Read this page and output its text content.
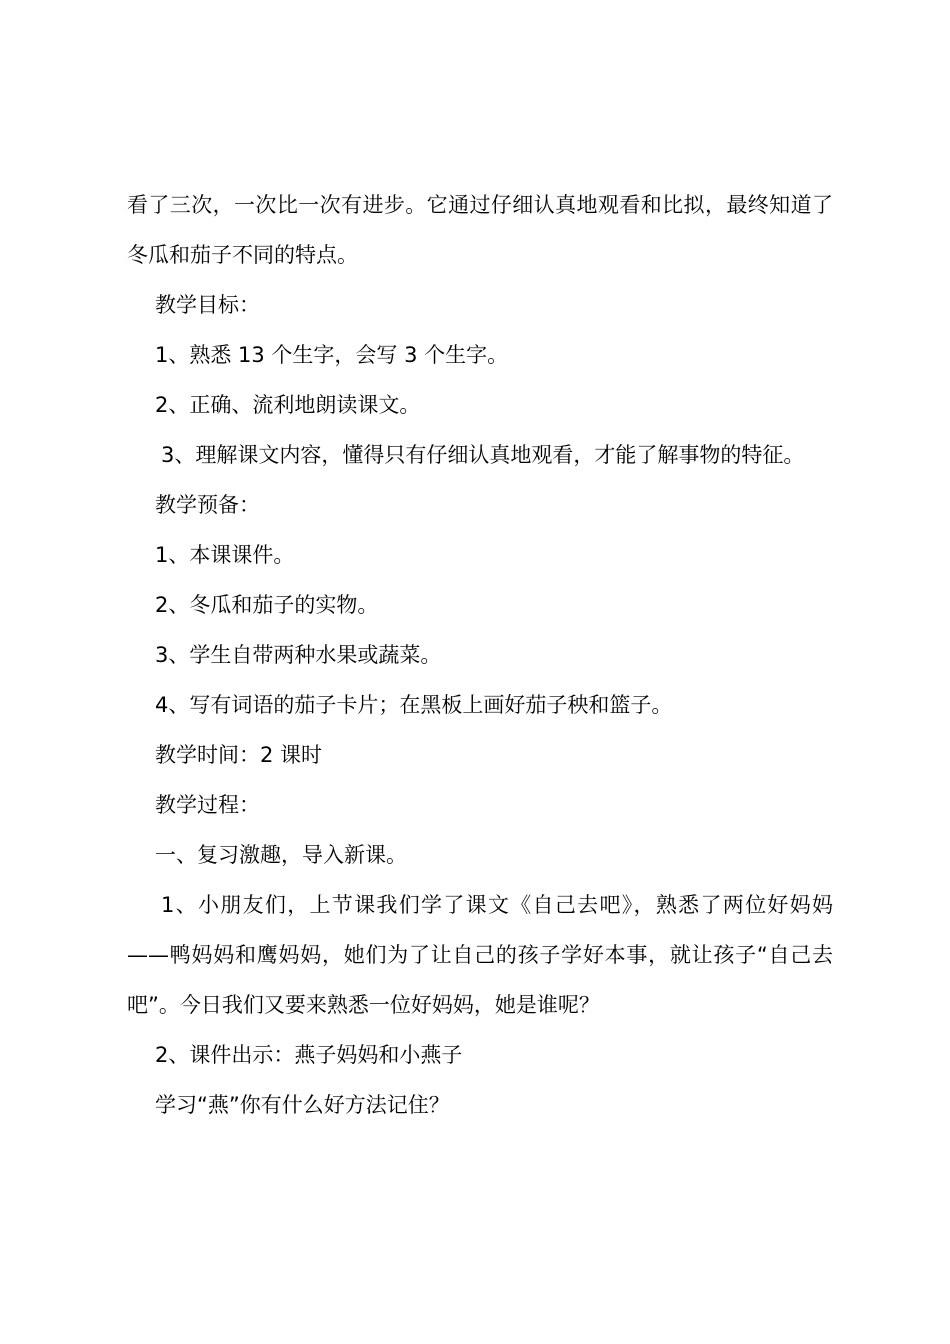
看了三次，一次比一次有进步。它通过仔细认真地观看和比拟，最终知道了冬瓜和茄子不同的特点。

教学目标：

1、熟悉 13 个生字，会写 3 个生字。

2、正确、流利地朗读课文。

3、理解课文内容，懂得只有仔细认真地观看，才能了解事物的特征。

教学预备：

1、本课课件。

2、冬瓜和茄子的实物。

3、学生自带两种水果或蔬菜。

4、写有词语的茄子卡片；在黑板上画好茄子秧和篮子。

教学时间：2 课时

教学过程：

一、复习激趣，导入新课。

1、小朋友们，上节课我们学了课文《自己去吧》，熟悉了两位好妈妈——鸭妈妈和鹰妈妈，她们为了让自己的孩子学好本事，就让孩子“自己去吧”。今日我们又要来熟悉一位好妈妈，她是谁呢？

2、课件出示：燕子妈妈和小燕子

学习“燕”你有什么好方法记住？
